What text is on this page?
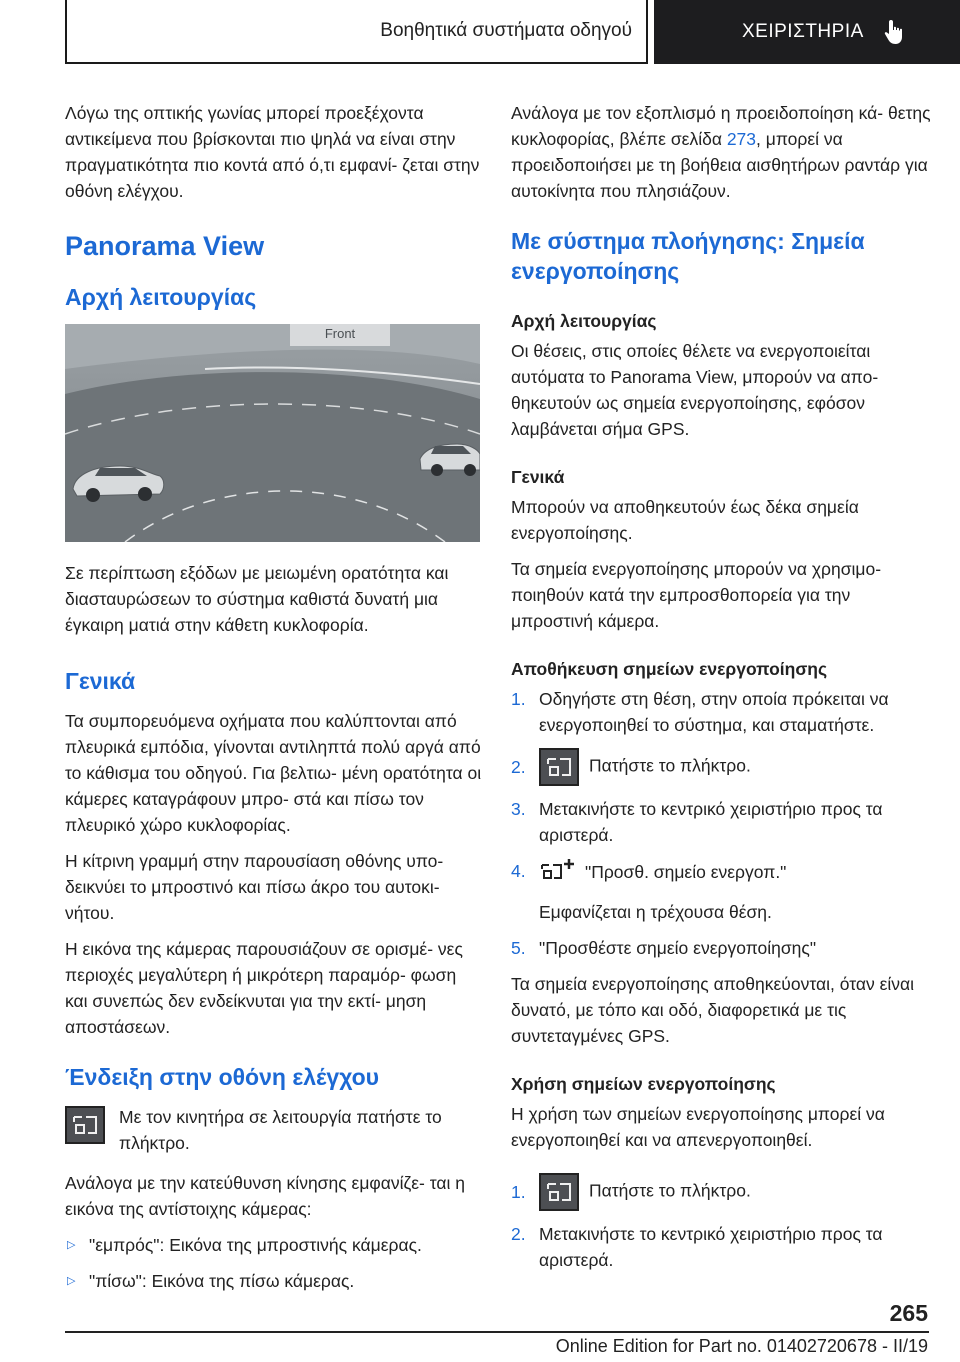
Βοηθητικά συστήματα οδηγού	ΧΕΙΡΙΣΤΗΡΙΑ

Λόγω της οπτικής γωνίας μπορεί προεξέχοντα αντικείμενα που βρίσκονται πιο ψηλά να είναι στην πραγματικότητα πιο κοντά από ό,τι εμφανί- ζεται στην οθόνη ελέγχου.

Panorama View
Αρχή λειτουργίας
Front

Σε περίπτωση εξόδων με μειωμένη ορατότητα και διασταυρώσεων το σύστημα καθιστά δυνατή μια έγκαιρη ματιά στην κάθετη κυκλοφορία.

Γενικά

Τα συμπορευόμενα οχήματα που καλύπτονται από πλευρικά εμπόδια, γίνονται αντιληπτά πολύ αργά από το κάθισμα του οδηγού. Για βελτιω- μένη ορατότητα οι κάμερες καταγράφουν μπρο- στά και πίσω τον πλευρικό χώρο κυκλοφορίας.

Η κίτρινη γραμμή στην παρουσίαση οθόνης υπο- δεικνύει το μπροστινό και πίσω άκρο του αυτοκι- νήτου.

Η εικόνα της κάμερας παρουσιάζουν σε ορισμέ- νες περιοχές μεγαλύτερη ή μικρότερη παραμόρ- φωση και συνεπώς δεν ενδείκνυται για την εκτί- μηση αποστάσεων.

Ένδειξη στην οθόνη ελέγχου

Με τον κινητήρα σε λειτουργία πατήστε το πλήκτρο.

Ανάλογα με την κατεύθυνση κίνησης εμφανίζε- ται η εικόνα της αντίστοιχης κάμερας:

▷ "εμπρός": Εικόνα της μπροστινής κάμερας.
▷ "πίσω": Εικόνα της πίσω κάμερας.

Ανάλογα με τον εξοπλισμό η προειδοποίηση κά- θετης κυκλοφορίας, βλέπε σελίδα 273, μπορεί να προειδοποιήσει με τη βοήθεια αισθητήρων ραντάρ για αυτοκίνητα που πλησιάζουν.

Με σύστημα πλοήγησης: Σημεία ενεργοποίησης
Αρχή λειτουργίας

Οι θέσεις, στις οποίες θέλετε να ενεργοποιείται αυτόματα το Panorama View, μπορούν να απο- θηκευτούν ως σημεία ενεργοποίησης, εφόσον λαμβάνεται σήμα GPS.

Γενικά

Μπορούν να αποθηκευτούν έως δέκα σημεία ενεργοποίησης.

Τα σημεία ενεργοποίησης μπορούν να χρησιμο- ποιηθούν κατά την εμπροσθοπορεία για την μπροστινή κάμερα.

Αποθήκευση σημείων ενεργοποίησης
1. Οδηγήστε στη θέση, στην οποία πρόκειται να ενεργοποιηθεί το σύστημα, και σταματήστε.
2.	Πατήστε το πλήκτρο.
3. Μετακινήστε το κεντρικό χειριστήριο προς τα αριστερά.
4.	"Προσθ. σημείο ενεργοπ."
Εμφανίζεται η τρέχουσα θέση.
5. "Προσθέστε σημείο ενεργοποίησης"

Τα σημεία ενεργοποίησης αποθηκεύονται, όταν είναι δυνατό, με τόπο και οδό, διαφορετικά με τις συντεταγμένες GPS.

Χρήση σημείων ενεργοποίησης

Η χρήση των σημείων ενεργοποίησης μπορεί να ενεργοποιηθεί και να απενεργοποιηθεί.

1.	Πατήστε το πλήκτρο.
2. Μετακινήστε το κεντρικό χειριστήριο προς τα αριστερά.
265
Online Edition for Part no. 01402720678 - II/19
